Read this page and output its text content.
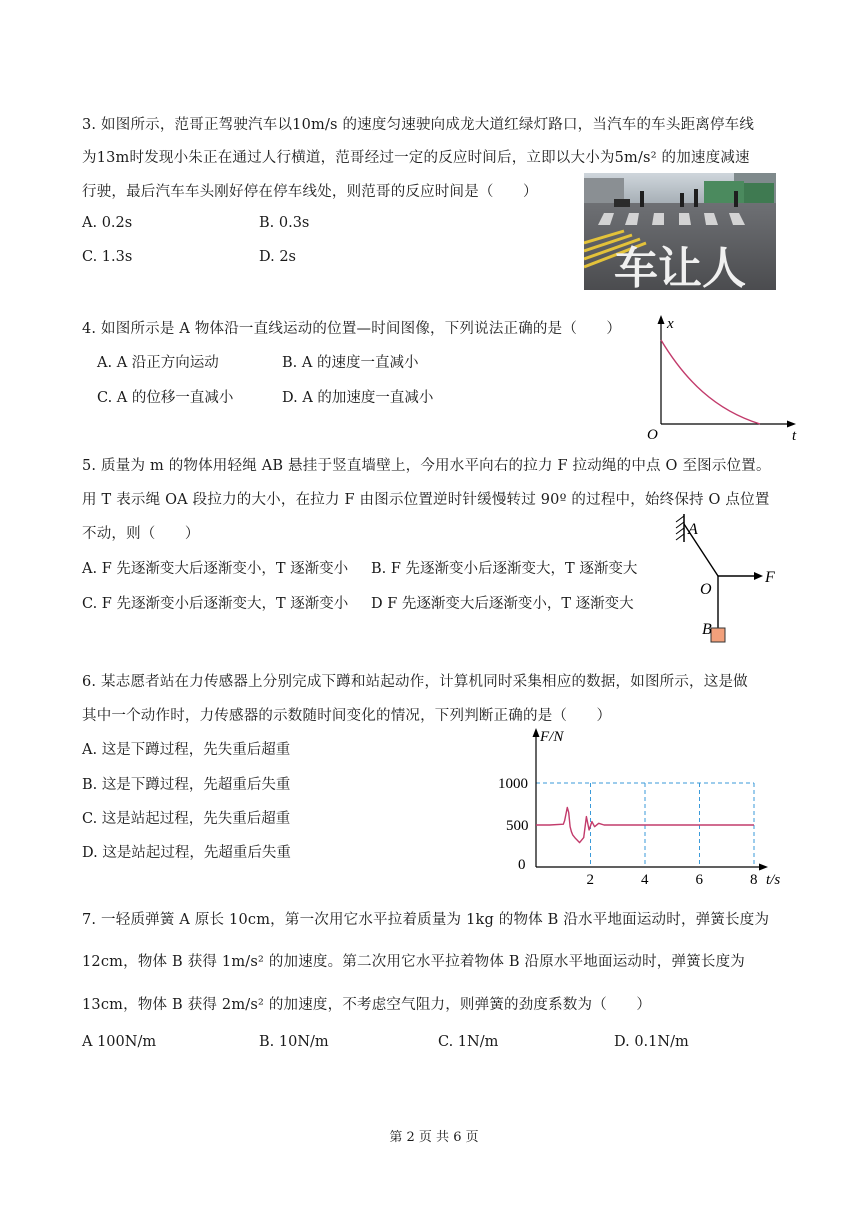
3. 如图所示，范哥正驾驶汽车以10m/s 的速度匀速驶向成龙大道红绿灯路口，当汽车的车头距离停车线
为13m时发现小朱正在通过人行横道，范哥经过一定的反应时间后，立即以大小为5m/s² 的加速度减速
行驶，最后汽车车头刚好停在停车线处，则范哥的反应时间是（　　）
A. 0.2s	B. 0.3s
C. 1.3s	D. 2s	车让人
4. 如图所示是 A 物体沿一直线运动的位置—时间图像，下列说法正确的是（　　）
A. A 沿正方向运动	B. A 的速度一直减小
C. A 的位移一直减小	D. A 的加速度一直减小
x
O	t
5. 质量为 m 的物体用轻绳 AB 悬挂于竖直墙壁上，今用水平向右的拉力 F 拉动绳的中点 O 至图示位置。
用 T 表示绳 OA 段拉力的大小，在拉力 F 由图示位置逆时针缓慢转过 90º 的过程中，始终保持 O 点位置
不动，则（　　）
A. F 先逐渐变大后逐渐变小，T 逐渐变小 B. F 先逐渐变小后逐渐变大，T 逐渐变大
C. F 先逐渐变小后逐渐变大，T 逐渐变小 D F 先逐渐变大后逐渐变小，T 逐渐变大
A
O
F
B
6. 某志愿者站在力传感器上分别完成下蹲和站起动作，计算机同时采集相应的数据，如图所示，这是做
其中一个动作时，力传感器的示数随时间变化的情况，下列判断正确的是（　　）
A. 这是下蹲过程，先失重后超重
B. 这是下蹲过程，先超重后失重
C. 这是站起过程，先失重后超重
D. 这是站起过程，先超重后失重
F/N
t/s
0
2	4	6	8
500
1000
7. 一轻质弹簧 A 原长 10cm，第一次用它水平拉着质量为 1kg 的物体 B 沿水平地面运动时，弹簧长度为
12cm，物体 B 获得 1m/s² 的加速度。第二次用它水平拉着物体 B 沿原水平地面运动时，弹簧长度为
13cm，物体 B 获得 2m/s² 的加速度，不考虑空气阻力，则弹簧的劲度系数为（　　）
A 100N/m	B. 10N/m	C. 1N/m	D. 0.1N/m
第 2 页 共 6 页
